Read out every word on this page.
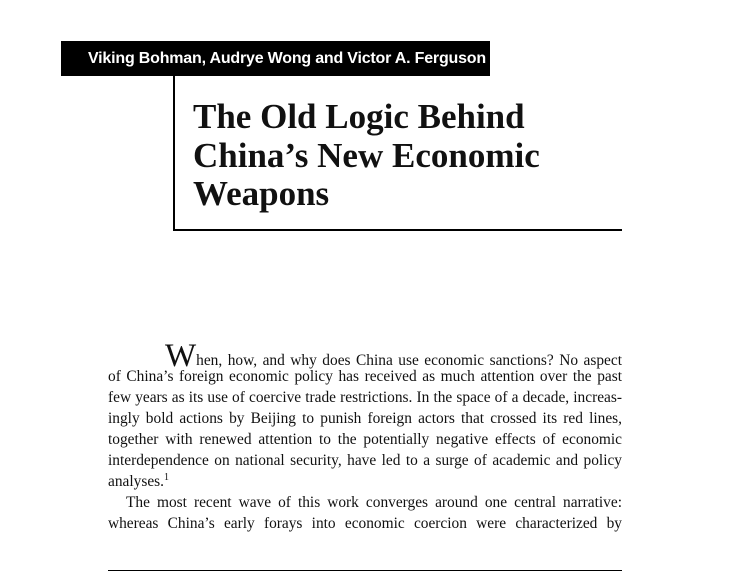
Viking Bohman, Audrye Wong and Victor A. Ferguson
The Old Logic Behind
China’s New Economic
Weapons
When, how, and why does China use economic sanctions? No aspect
of China’s foreign economic policy has received as much attention over the past
few years as its use of coercive trade restrictions. In the space of a decade, increas-
ingly bold actions by Beijing to punish foreign actors that crossed its red lines,
together with renewed attention to the potentially negative effects of economic
interdependence on national security, have led to a surge of academic and policy
analyses.$^1$
The most recent wave of this work converges around one central narrative:
whereas China’s early forays into economic coercion were characterized by
